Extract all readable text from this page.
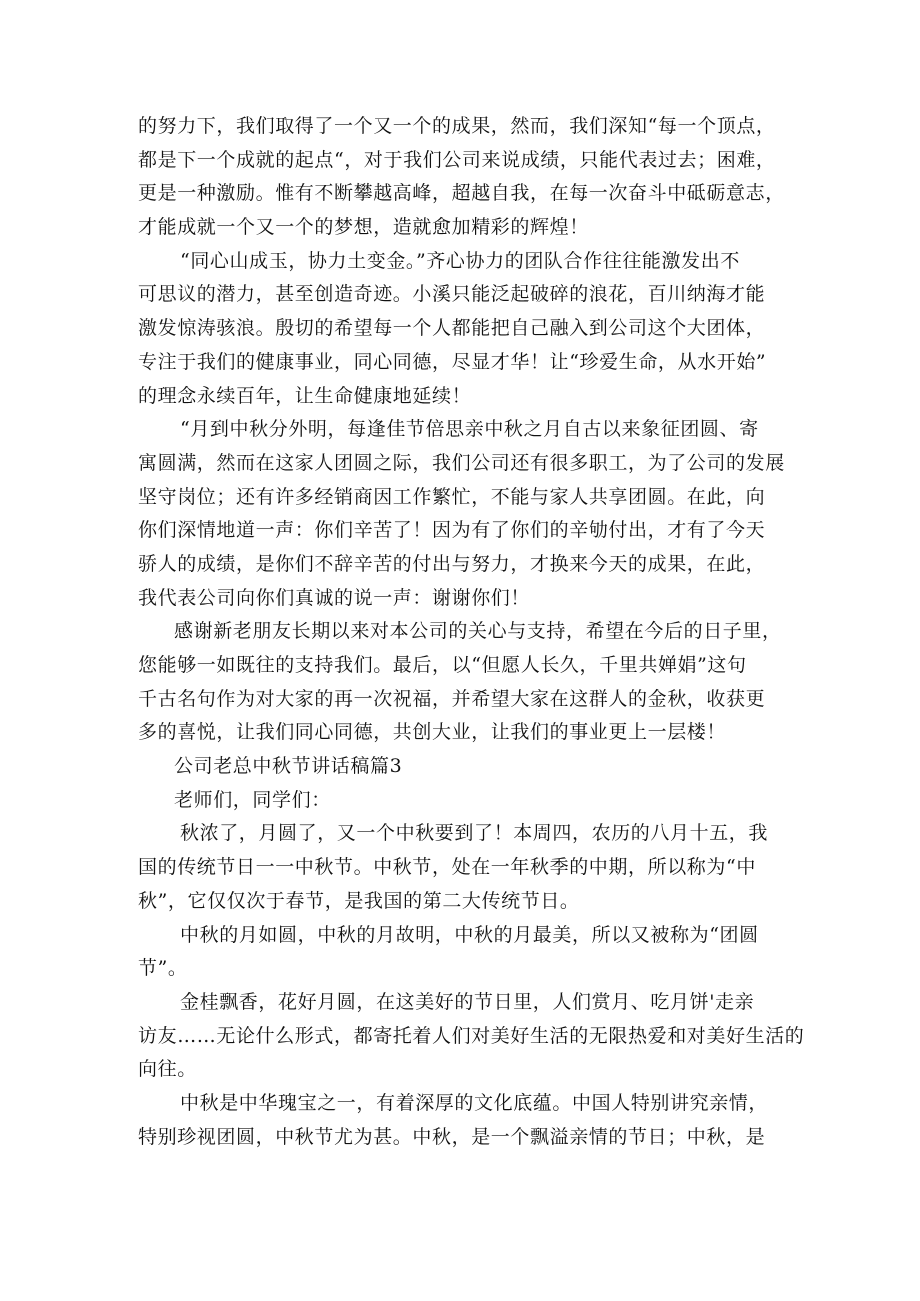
的努力下，我们取得了一个又一个的成果，然而，我们深知“每一个顶点，
都是下一个成就的起点“，对于我们公司来说成绩，只能代表过去；困难，
更是一种激励。惟有不断攀越高峰，超越自我，在每一次奋斗中砥砺意志，
才能成就一个又一个的梦想，造就愈加精彩的辉煌！
“同心山成玉，协力土变金。”齐心协力的团队合作往往能激发出不
可思议的潜力，甚至创造奇迹。小溪只能泛起破碎的浪花，百川纳海才能
激发惊涛骇浪。殷切的希望每一个人都能把自己融入到公司这个大团体，
专注于我们的健康事业，同心同德，尽显才华！让“珍爱生命，从水开始”
的理念永续百年，让生命健康地延续！
“月到中秋分外明，每逢佳节倍思亲中秋之月自古以来象征团圆、寄
寓圆满，然而在这家人团圆之际，我们公司还有很多职工，为了公司的发展
坚守岗位；还有许多经销商因工作繁忙，不能与家人共享团圆。在此，向
你们深情地道一声：你们辛苦了！因为有了你们的辛劬付出，才有了今天
骄人的成绩，是你们不辞辛苦的付出与努力，才换来今天的成果，在此，
我代表公司向你们真诚的说一声：谢谢你们！
感谢新老朋友长期以来对本公司的关心与支持，希望在今后的日子里，
您能够一如既往的支持我们。最后，以“但愿人长久，千里共婵娟”这句
千古名句作为对大家的再一次祝福，并希望大家在这群人的金秋，收获更
多的喜悦，让我们同心同德，共创大业，让我们的事业更上一层楼！
公司老总中秋节讲话稿篇3
老师们，同学们：
秋浓了，月圆了，又一个中秋要到了！本周四，农历的八月十五，我
国的传统节日一一中秋节。中秋节，处在一年秋季的中期，所以称为“中
秋”，它仅仅次于春节，是我国的第二大传统节日。
中秋的月如圆，中秋的月故明，中秋的月最美，所以又被称为“团圆
节”。
金桂飘香，花好月圆，在这美好的节日里，人们赏月、吃月饼'走亲
访友……无论什么形式，都寄托着人们对美好生活的无限热爱和对美好生活的
向往。
中秋是中华瑰宝之一，有着深厚的文化底蕴。中国人特别讲究亲情，
特别珍视团圆，中秋节尤为甚。中秋，是一个飘溢亲情的节日；中秋，是
